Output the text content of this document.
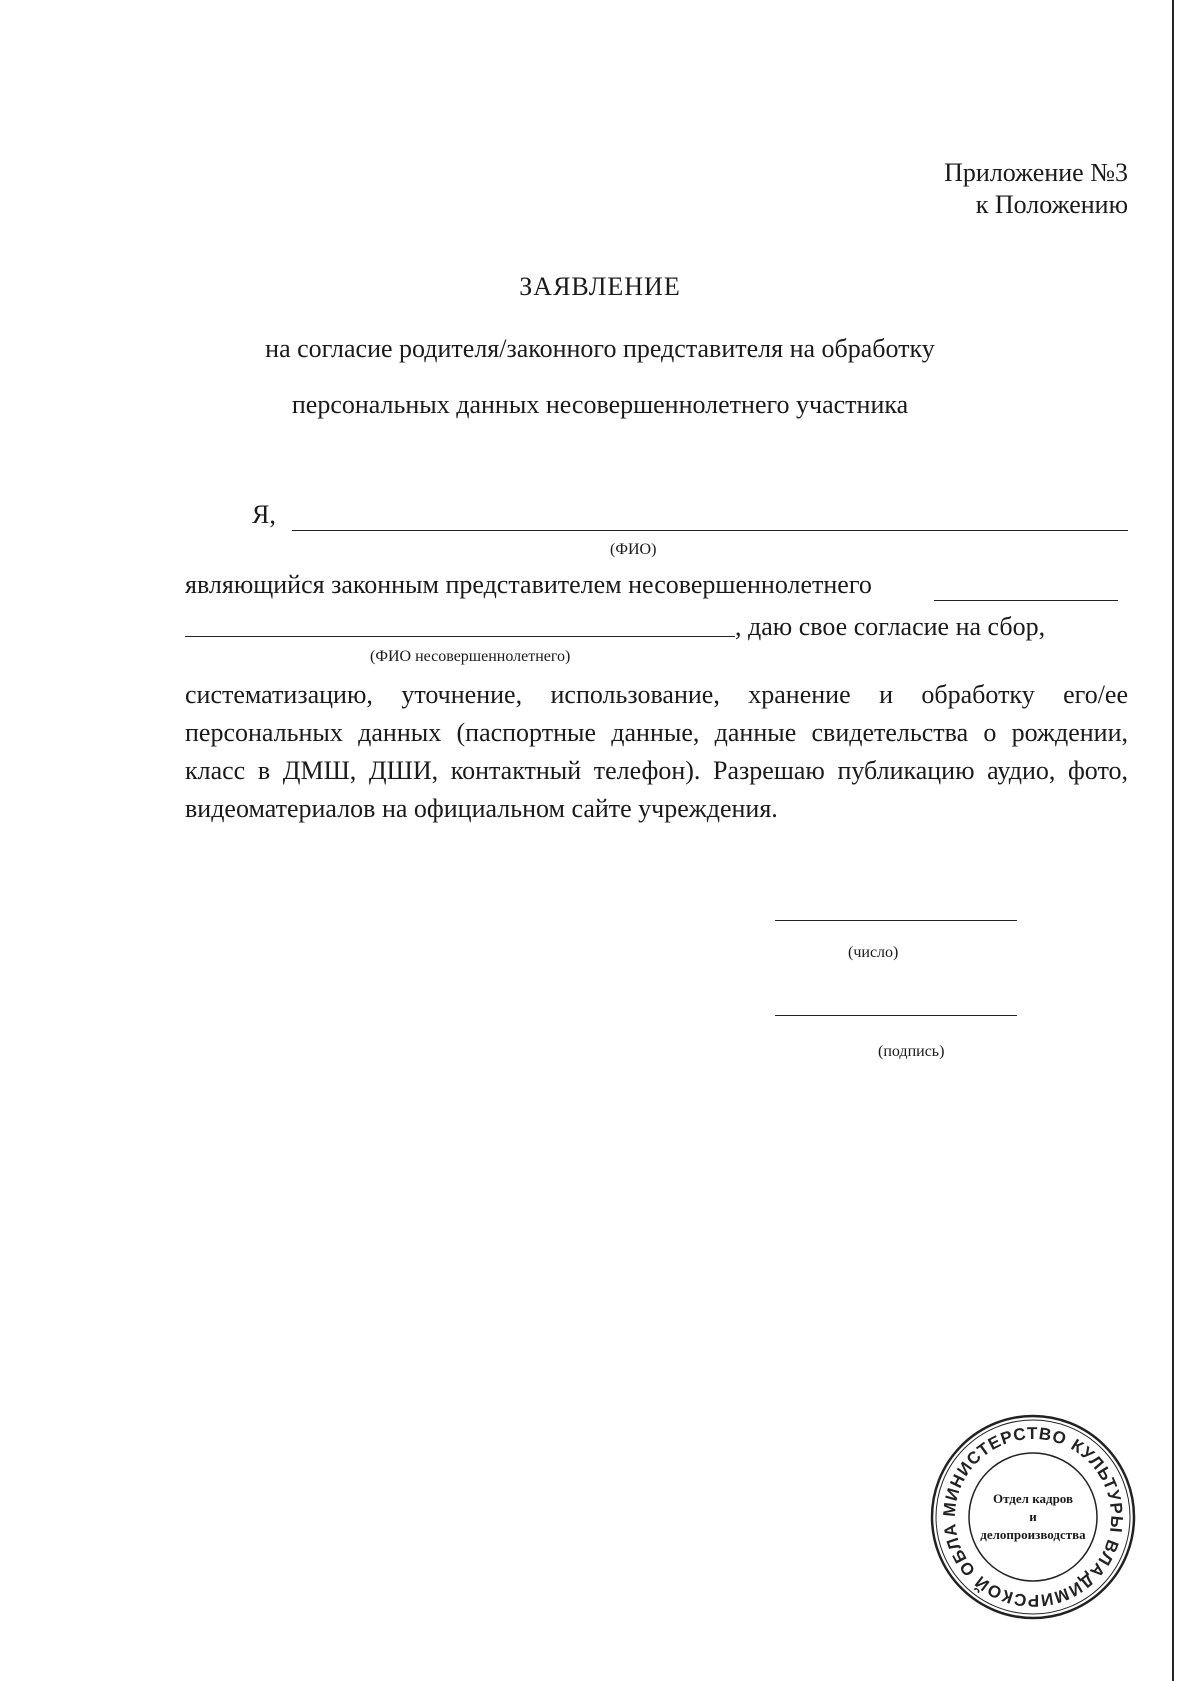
Приложение №3
к Положению
ЗАЯВЛЕНИЕ
на согласие родителя/законного представителя на обработку
персональных данных несовершеннолетнего участника
Я,
(ФИО)
являющийся законным представителем несовершеннолетнего
, даю свое согласие на сбор,
(ФИО несовершеннолетнего)
систематизацию, уточнение, использование, хранение и обработку его/ее персональных данных (паспортные данные, данные свидетельства о рождении, класс в ДМШ, ДШИ, контактный телефон). Разрешаю публикацию аудио, фото, видеоматериалов на официальном сайте учреждения.
(число)
(подпись)
МИНИСТЕРСТВО КУЛЬТУРЫ ВЛАДИМИРСКОЙ ОБЛА
Отдел кадров
и
делопроизводства
